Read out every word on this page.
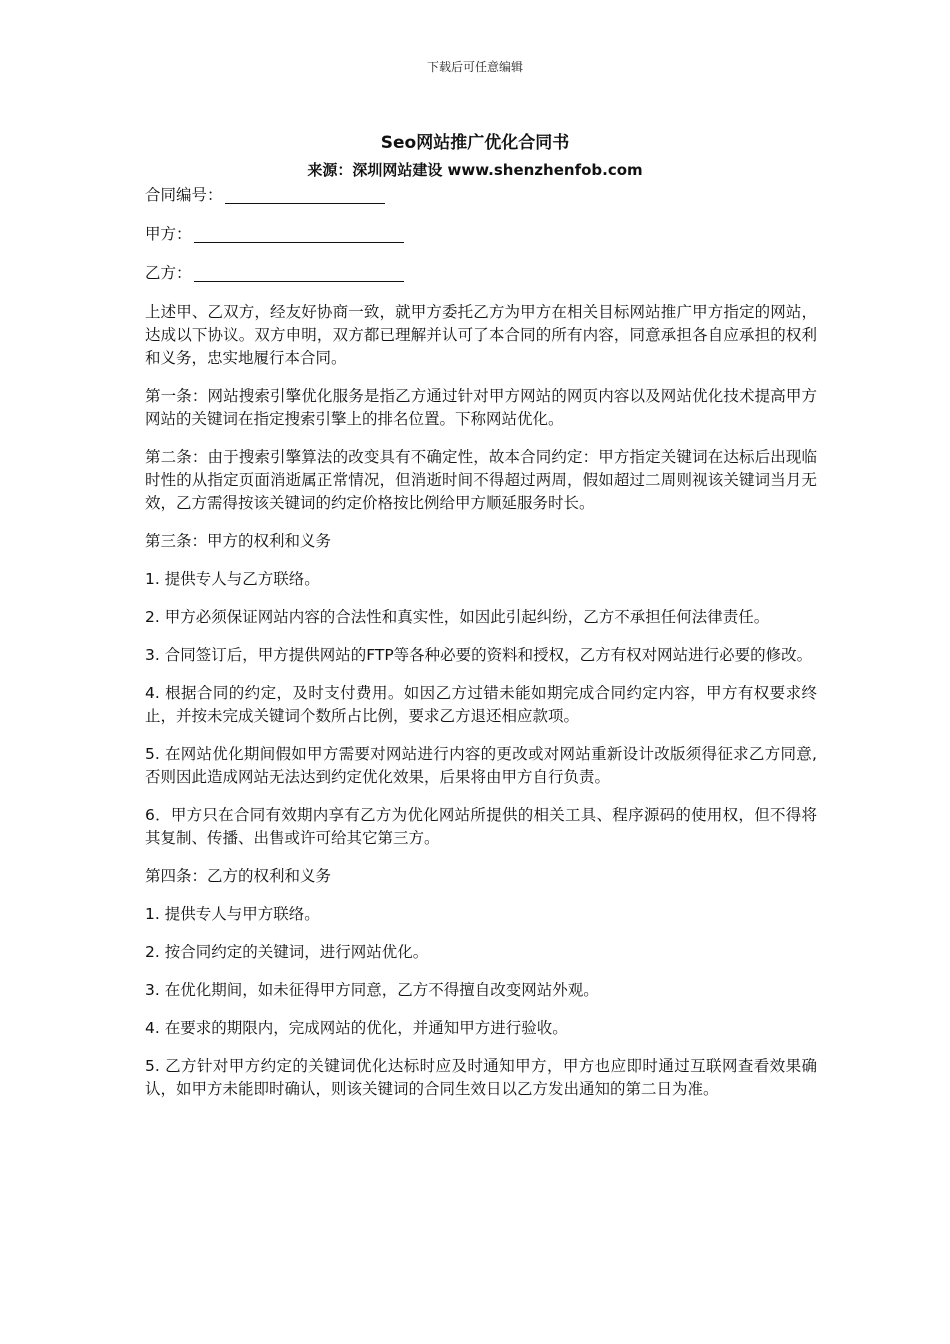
下载后可任意编辑
Seo网站推广优化合同书
来源：深圳网站建设 www.shenzhenfob.com
合同编号：
甲方：
乙方：

上述甲、乙双方，经友好协商一致，就甲方委托乙方为甲方在相关目标网站推广甲方指定的网站，达成以下协议。双方申明，双方都已理解并认可了本合同的所有内容，同意承担各自应承担的权利和义务，忠实地履行本合同。

第一条：网站搜索引擎优化服务是指乙方通过针对甲方网站的网页内容以及网站优化技术提高甲方网站的关键词在指定搜索引擎上的排名位置。下称网站优化。

第二条：由于搜索引擎算法的改变具有不确定性，故本合同约定：甲方指定关键词在达标后出现临时性的从指定页面消逝属正常情况，但消逝时间不得超过两周，假如超过二周则视该关键词当月无效，乙方需得按该关键词的约定价格按比例给甲方顺延服务时长。

第三条：甲方的权利和义务

1. 提供专人与乙方联络。

2. 甲方必须保证网站内容的合法性和真实性，如因此引起纠纷，乙方不承担任何法律责任。

3. 合同签订后，甲方提供网站的FTP等各种必要的资料和授权，乙方有权对网站进行必要的修改。

4. 根据合同的约定，及时支付费用。如因乙方过错未能如期完成合同约定内容，甲方有权要求终止，并按未完成关键词个数所占比例，要求乙方退还相应款项。

5. 在网站优化期间假如甲方需要对网站进行内容的更改或对网站重新设计改版须得征求乙方同意,否则因此造成网站无法达到约定优化效果，后果将由甲方自行负责。

6．甲方只在合同有效期内享有乙方为优化网站所提供的相关工具、程序源码的使用权，但不得将其复制、传播、出售或许可给其它第三方。

第四条：乙方的权利和义务

1. 提供专人与甲方联络。

2. 按合同约定的关键词，进行网站优化。

3. 在优化期间，如未征得甲方同意，乙方不得擅自改变网站外观。

4. 在要求的期限内，完成网站的优化，并通知甲方进行验收。

5. 乙方针对甲方约定的关键词优化达标时应及时通知甲方，甲方也应即时通过互联网查看效果确认，如甲方未能即时确认，则该关键词的合同生效日以乙方发出通知的第二日为准。
